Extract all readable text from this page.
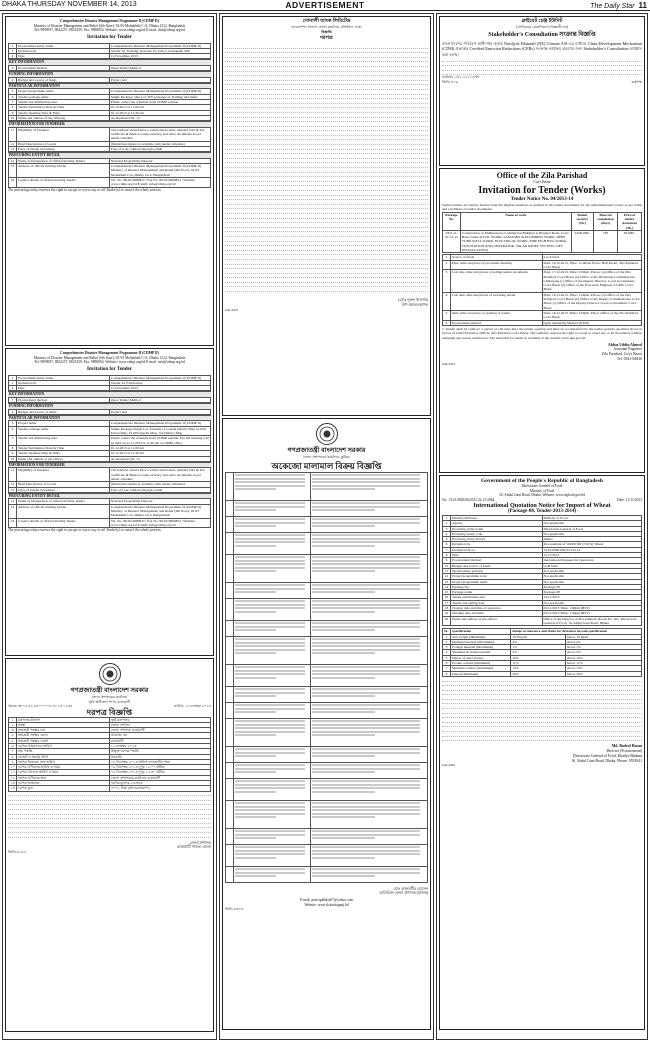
DHAKA THURSDAY NOVEMBER 14, 2013	ADVERTISEMENT	The Daily Star 11
Comprehensive Disaster Management Programme II (CDMP II)
Ministry of Disaster Management and Relief (6th floor), 92-93 Mohakhali C/A, Dhaka 1212, Bangladesh
Tel: 9890937, 8822257, 8821459, Fax: 9890854, Website: www.cdmp.org.bd E-mail: info@cdmp.org.bd
Invitation for Tender
1	Procurement entity name	Comprehensive Disaster Management Programme II (CDMP II)
1	Invitation for	Tender for Training aid items for school earthquake drill
2	Date	12 November 2013
KEY INFORMATION
3	Procurement method	Open Tender Method
FUNDING INFORMATION
4	Budget and source of funds	Project Aid
PARTICULAR INFORMATION
5	Project/programme name	Comprehensive Disaster Management Programme II (CDMP II)
6	Tender package name	Single Package, One Lot: 500 packages of Training Aid items
7	Tender last distribution date	Please collect the schedule from CDMP website
8	Tender Submission Date & Time	01.12.2013 at 11.00 am
9	Tender Opening Date & Time	01.12.2013 at 11.30 am
10	Name and address of the office(s)	As mentioned SL 13
INFORMATION FOR TENDERER
11	Eligibility of Tenderer	The tenderer should have a valid trade license, updated VAT & Tax certificate & Bank account solvency and other documents as per tender schedule
12	Brief Description of Goods	(Detail description is available with tender schedule)
13	Price of Tender Document	Free of Cost/ without through e-mail
PROCURING ENTITY DETAIL
14	Name of Designation of official inviting Tender	National Programme Director
15	Address of official inviting Tender	Comprehensive Disaster Management Programme II (CDMP II) Ministry of Disaster Management and Relief (6th floor), 92-93 Mohakhali C/A, Dhaka 1212, Bangladesh
16	Contact details of official inviting Tender	Tel. No. 88-02-9890937 | Fax No. 88-02-9890854 | Website: www.cdmp.org.bd E-mail: info@cdmp.org.bd
The procuring entity reserves the right to accept or reject any or all Tender(s) or cancel the whole process.
Comprehensive Disaster Management Programme II (CDMP II)
Ministry of Disaster Management and Relief (6th floor), 92-93 Mohakhali C/A, Dhaka 1212, Bangladesh
Tel: 9890937, 8822257, 8821459, Fax: 9890854, Website: www.cdmp.org.bd E-mail: info@cdmp.org.bd
Invitation for Tender
1	Procurement entity name	Comprehensive Disaster Management Programme II (CDMP II)
1	Invitation for	Tender for Fabrication
2	Date	12 November 2013
KEY INFORMATION
3	Procurement method	Open Tender Method
FUNDING INFORMATION
4	Budget and source of funds	Project Aid
PARTICULAR INFORMATION
5	Project name	Comprehensive Disaster Management Programme II (CDMP II)
6	Tender package name	Single Package Single Lot: Printing of Coastal District Map 2x1016 Union Map, 2x100 Upazila Map, 1x2 District Map
7	Tender last distributing date	Please collect the schedule from CDMP website. Pre-bid meeting will be held on 21.11.2013 at 11.00 am at CDMP office
8	Tender Submission Date & Time	01.12.2013 at 11.00 am
9	Tender Opening Date & Time	01.12.2013 at 11.30 am
10	Name and address of the offices	As mentioned SL 13
INFORMATION FOR TENDERER
11	Eligibility of Tenderer	The tenderer should have a valid trade license, updated VAT & Tax certificate & Bank account solvency and other documents as per tender schedule
12	Brief Description of Goods	(Detail description is available with tender schedule)
13	Price of Tender Document	Free of Cost/ without through e-mail
PROCURING ENTITY DETAIL
14	Name of Designation of official inviting Tender	National Programme Director
15	Address of official inviting Tender	Comprehensive Disaster Management Programme II (CDMP II) Ministry of Disaster Management and Relief (6th floor), 92-93 Mohakhali C/A, Dhaka 1212, Bangladesh
16	Contact details of official inviting Tender	Tel. No. 88-02-9890937 | Fax No. 88-02-9890854 | Website: www.cdmp.org.bd E-mail: info@cdmp.org.bd
The procuring entity reserves the right to accept or reject any or all Tender(s) or cancel the whole process.
গণপ্রজাতন্ত্রী বাংলাদেশ সরকার
জেলা প্রশাসকের কার্যালয়
ভূমি অধিগ্রহণ শাখা, রাঙামাটি
স্মারক নং-০৫.৪২.৮৪০০.০০৪.০৮.১৩-১২৩৫	তারিখ: ১২ নভেম্বর ২০১৩
দরপত্র বিজ্ঞপ্তি
১	মন্ত্রণালয়/বিভাগ	ভূমি মন্ত্রণালয়
২	সংস্থা	জেলা প্রশাসন
৩	ক্রয়কারী সংস্থার নাম	জেলা প্রশাসক, রাঙামাটি
৪	ক্রয়কারী সংস্থার কোড	প্রযোজ্য নয়
৫	ক্রয়কারী সংস্থার জেলা	রাঙামাটি
৬	দরপত্র আহবানের তারিখ	১২ নভেম্বর ২০১৩
৭	ক্রয় পদ্ধতি	উন্মুক্ত দরপত্র পদ্ধতি
৮	বাজেট ও অর্থের উৎস	সরকারি
৯	দরপত্র বিক্রয়ের শেষ তারিখ	০৮ ডিসেম্বর ২০১৩ অফিস চলাকালীন সময়
১০	দরপত্র দাখিলের তারিখ ও সময়	০৯ ডিসেম্বর ২০১৩ দুপুর ১২.০০ ঘটিকা
১১	দরপত্র খোলার তারিখ ও সময়	০৯ ডিসেম্বর ২০১৩ দুপুর ১২.৩০ ঘটিকা
১২	দরপত্র দাখিলের স্থান	জেলা প্রশাসকের কার্যালয়, রাঙামাটি
১৩	দরপত্র জামানত	দরপত্র মূল্যের ২% হারে
১৪	দরপত্র মূল্য	৫০০/- টাকা (অফেরতযোগ্য)
জেলা প্রশাসক
রাঙামাটি পার্বত্য জেলা
জিডি-৪১৬৫
সোনালী ব্যাংক লিমিটেড
মানবসম্পদ বিভাগ, প্রধান কার্যালয়, মতিঝিল, ঢাকা
বিজ্ঞপ্তি
দরপত্র
(মোঃ নুরুল ইসলাম)
উপ-মহাব্যবস্থাপক
GD-4321
গণপ্রজাতন্ত্রী বাংলাদেশ সরকার
জেলা প্রশাসকের কার্যালয়, কুমিল্লা
অকেজো মালামাল বিক্রয় বিজ্ঞপ্তি

মোঃ আলমগীর হোসেন
অতিরিক্ত জেলা প্রশাসক (রাজস্ব)
E-mail: principalbktc67@yahoo.com
Website: www.dckachaganj.bd
জিডি-৪৩০৩
ক্লাইমেট চেঞ্জ ইউনিট
(সেন্টারফর মেকানিক্যাল বিজ্ঞানীদের)
Stakeholder's Consultation সংক্রান্ত বিজ্ঞপ্তি
বাংলাদেশের পরিবেশ অধিদপ্তর কর্তৃক Nordjysk Elhandel (NE) Climate A/S এর মাধ্যমে Clean Development Mechanism (CDM) প্রকল্পের Certified Emission Reductions (CERs) সংক্রান্ত কার্যক্রম গ্রহণের জন্য Stakeholder's Consultation আহ্বান করা হচ্ছে।
তারিখঃ ১৩/১১/২০১৩ ইং
জিডি-৪০৯	কর্তৃপক্ষ
Office of the Zila Parishad
Cox's Bazar
Invitation for Tender (Works)
Tender Notice No. 04/2013-14
Sealed tenders are hereby invited from the eligible tenderers as defined in the tender documents for the undermentioned works as per terms and conditions of tender documents.
Package No.	Name of work	Tender security (Tk.)	Time for completion (days)	Price of tender document (Tk.)
ZP/Cox-01/13-14	Construction of Multipurpose Commercial Building at Hospital Road, Cox's Bazar Sadar (CIVIL WORK, SANITARY & PLUMBING WORK, DEEP TUBE-WELL WORK, ELECTRICAL WORK, FIRE FIGHTING WORK, SUB-STATION AND GENERATOR, SOLAR PANEL SYSTEM, LIFT INSTALLATION)	54,00,000/-	730	28,000/-
1	Source of funds	Local fund
2	Date, time and place of pre-tender meeting	Date: 10.12.2013, Time: 11.00am, Place: Hall Room, Zila Parishad, Cox's Bazar
3	Last date, time and places of selling tender documents	Date: 17.12.2013, Time: 5.00pm. Places: (a) Office of the Zila Parishad, Cox's Bazar (b) Office of the Divisional Commissioner, Chittagong (c) Office of the Deputy Director, Local Government, Cox's Bazar (d) Office of the Executive Engineer, LGED, Cox's Bazar
4	Last date, time and places of receiving tender	Date: 18.12.2013, Time: 1.00pm. Places: (a) Office of the Zila Parishad, Cox's Bazar (b) Office of the Deputy Commissioner, Cox's Bazar (c) Office of the Deputy Director, Local Government, Cox's Bazar
5	Date, time and place of opening of tender	Date: 18.12.2013, Time: 3.00pm. Place: Office of the Zila Parishad, Cox's Bazar
6	Procurement method	Open Tendering Method (OTM)
7. Tender shall be valid for a period of 120 days after the tender opening and must be accompanied by the tender security specified above in favour of Chief Executive Officer, Zila Parishad, Cox's Bazar. The authority reserves the right to accept or reject any or all the tenders without assigning any reason whatsoever. The invitation for tender is available at the website www.dpp.gov.bd.
Abbas Uddin Ahmed
Assistant Engineer
Zila Parishad, Cox's Bazar
Tel: 0341-63836
GD-4315
Government of the People's Republic of Bangladesh
Directorate General of Food
Ministry of Food
16, Abdul Gani Road, Dhaka, Website: www.dgfood.gov.bd
No. 13.01.0000.062.04.122.13-2064	Date: 11/11/2013
International Quotation Notice for Import of Wheat
(Package-08, Tender-2013-2014)
1	Ministry/Division	Ministry of Food
2	Agency	Not applicable
3	Procuring entity name	Directorate General of Food
4	Procuring entity code	Not applicable
5	Procuring entity district	Dhaka
6	Invitation for	Procurement of 50,000 MT (±10%) Wheat
7	Invitation ref no.	13.01.0000.062.04.122.13
8	Date	11/11/2013
9	Procurement method	International Request for Quotation
10	Budget and source of funds	GoB fund
11	Development partners	Not applicable
12	Project/programme code	Not applicable
13	Project/programme name	Not applicable
14	Package No.	Package-08
15	Package name	Package-08
16	Tender publication date	14/11/2013
17	Tender last selling date	Not applicable
18	Closing date and time of quotation	02/11/2013 Time: 1.00pm (BST)
19	Opening date and time	02/11/2013 Time: 1.30pm (BST)
20	Name and address of the offices	Office of the Director of Procurement, Room No. 301, Directorate General of Food, 16, Abdul Gani Road, Dhaka
SL	Specification	Range of tolerance and claim for deviation beyond specification	
1	Test weight (Minimum)	76.0 kg/hl	below 76 kg/hl
2	Damaged kernels (Maximum)	4%	above 4%
3	Foreign material (Maximum)	1%	above 1%
4	Shrunken & broken kernels	5%	above 5%
5	Wheat of other classes	10%	above 10%
6	Protein content (minimum)	11%	below 11%
7	Moisture content (maximum)	13%	above 13%
8	Gluten (minimum)	26%	below 26%
Md. Badrul Hasan
Director (Procurement)
Directorate General of Food, Khadya Bhaban
16, Abdul Gani Road, Dhaka. Phone: 9553941
GD-4301
